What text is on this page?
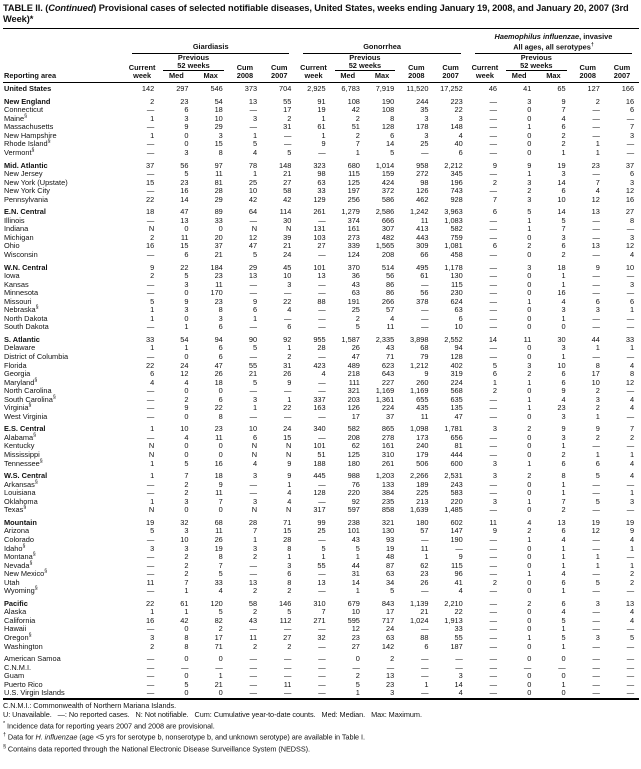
TABLE II. (Continued) Provisional cases of selected notifiable diseases, United States, weeks ending January 19, 2008, and January 20, 2007 (3rd Week)*

	Giardiasis					Gonorrhea					Haemophilus influenzae, invasive
All ages, all serotypes†

Reporting area	Current
week	Previous
52 weeks		Cum
2008	Cum
2007	Current
week	Previous
52 weeks		Cum
2008	Cum
2007	Current
week	Previous
52 weeks		Cum
2008	Cum
2007
		Med	Max				Med	Max				Med	Max		
United States	142	297	546	373	704	2,925	6,783	7,919	11,520	17,252	46	41	65	127	166
New England	2	23	54	13	55	91	108	190	244	223	—	3	9	2	16
Connecticut	—	6	18	—	17	19	42	108	35	22	—	0	7	—	6
Maine§	1	3	10	3	2	1	2	8	3	3	—	0	4	—	—
Massachusetts	—	9	29	—	31	61	51	128	178	148	—	1	6	—	7
New Hampshire	1	0	3	1	—	1	2	6	3	4	—	0	2	—	3
Rhode Island§	—	0	15	5	—	9	7	14	25	40	—	0	2	1	—
Vermont§	—	3	8	4	5	—	1	5	—	6	—	0	1	1	—
Mid. Atlantic	37	56	97	78	148	323	680	1,014	958	2,212	9	9	19	23	37
New Jersey	—	5	11	1	21	98	115	159	272	345	—	1	3	—	6
New York (Upstate)	15	23	81	25	27	63	125	424	98	196	2	3	14	7	3
New York City	—	16	28	10	58	33	197	372	126	743	—	2	6	4	12
Pennsylvania	22	14	29	42	42	129	256	586	462	928	7	3	10	12	16
E.N. Central	18	47	89	64	114	261	1,279	2,586	1,242	3,963	6	5	14	13	27
Illinois	—	13	33	—	30	—	374	666	11	1,083	—	1	5	—	8
Indiana	N	0	0	N	N	131	161	307	413	582	—	1	7	—	—
Michigan	2	11	20	12	39	103	273	482	443	759	—	0	3	—	3
Ohio	16	15	37	47	21	27	339	1,565	309	1,081	6	2	6	13	12
Wisconsin	—	6	21	5	24	—	124	208	66	458	—	0	2	—	4
W.N. Central	9	22	184	29	45	101	370	514	495	1,178	—	3	18	9	10
Iowa	2	5	23	13	10	13	36	56	61	130	—	0	1	—	—
Kansas	—	3	11	—	3	—	43	86	—	115	—	0	1	—	3
Minnesota	—	0	170	—	—	—	63	86	56	230	—	0	16	—	—
Missouri	5	9	23	9	22	88	191	266	378	624	—	1	4	6	6
Nebraska§	1	3	8	6	4	—	25	57	—	63	—	0	3	3	1
North Dakota	1	0	3	1	—	—	2	4	—	6	—	0	1	—	—
South Dakota	—	1	6	—	6	—	5	11	—	10	—	0	0	—	—
S. Atlantic	33	54	94	90	92	955	1,587	2,335	3,898	2,552	14	11	30	44	33
Delaware	1	1	6	5	1	28	26	43	68	94	—	0	3	1	1
District of Columbia	—	0	6	—	2	—	47	71	79	128	—	0	1	—	—
Florida	22	24	47	55	31	423	489	623	1,212	402	5	3	10	8	4
Georgia	6	12	26	21	26	4	218	643	9	319	6	2	6	17	8
Maryland§	4	4	18	5	9	—	111	227	260	224	1	1	6	10	12
North Carolina	—	0	0	—	—	—	321	1,169	1,169	568	2	0	9	2	—
South Carolina§	—	2	6	3	1	337	203	1,361	655	635	—	1	4	3	4
Virginia§	—	9	22	1	22	163	126	224	435	135	—	1	23	2	4
West Virginia	—	0	8	—	—	—	17	37	11	47	—	0	3	1	—
E.S. Central	1	10	23	10	24	340	582	865	1,098	1,781	3	2	9	9	7
Alabama§	—	4	11	6	15	—	208	278	173	656	—	0	3	2	2
Kentucky	N	0	0	N	N	101	62	161	240	81	—	0	1	—	—
Mississippi	N	0	0	N	N	51	125	310	179	444	—	0	2	1	1
Tennessee§	1	5	16	4	9	188	180	261	506	600	3	1	6	6	4
W.S. Central	1	7	18	3	9	445	988	1,203	2,266	2,531	3	2	8	5	4
Arkansas§	—	2	9	—	1	—	76	133	189	243	—	0	1	—	—
Louisiana	—	2	11	—	4	128	220	384	225	583	—	0	1	—	1
Oklahoma	1	3	7	3	4	—	92	235	213	220	3	1	7	5	3
Texas§	N	0	0	N	N	317	597	858	1,639	1,485	—	0	2	—	—
Mountain	19	32	68	28	71	99	238	321	180	602	11	4	13	19	19
Arizona	5	3	11	7	15	25	101	130	57	147	9	2	6	12	9
Colorado	—	10	26	1	28	—	43	93	—	190	—	1	4	—	4
Idaho§	3	3	19	3	8	5	5	19	11	—	—	0	1	—	1
Montana§	—	2	8	2	1	1	1	48	1	9	—	0	1	1	—
Nevada§	—	2	7	—	3	55	44	87	62	115	—	0	1	1	1
New Mexico§	—	2	5	—	6	—	31	63	23	96	—	1	4	—	2
Utah	11	7	33	13	8	13	14	34	26	41	2	0	6	5	2
Wyoming§	—	1	4	2	2	—	1	5	—	4	—	0	1	—	—
Pacific	22	61	120	58	146	310	679	843	1,139	2,210	—	2	6	3	13
Alaska	1	1	5	2	5	7	10	17	21	22	—	0	4	—	4
California	16	42	82	43	112	271	595	717	1,024	1,913	—	0	5	—	4
Hawaii	—	0	2	—	—	—	12	24	—	33	—	0	1	—	—
Oregon§	3	8	17	11	27	32	23	63	88	55	—	1	5	3	5
Washington	2	8	71	2	2	—	27	142	6	187	—	0	1	—	—
American Samoa	—	0	0	—	—	—	0	2	—	—	—	0	0	—	—
C.N.M.I.	—	—	—	—	—	—	—	—	—	—	—	—	—	—	—
Guam	—	0	1	—	—	—	2	13	—	3	—	0	0	—	—
Puerto Rico	—	5	21	—	11	—	5	23	1	14	—	0	1	—	—
U.S. Virgin Islands	—	0	0	—	—	—	1	3	—	4	—	0	0	—	—
C.N.M.I.: Commonwealth of Northern Mariana Islands.
U: Unavailable.   —: No reported cases.   N: Not notifiable.   Cum: Cumulative year-to-date counts.   Med: Median.   Max: Maximum.
* Incidence data for reporting years 2007 and 2008 are provisional.
† Data for H. influenzae (age <5 yrs for serotype b, nonserotype b, and unknown serotype) are available in Table I.
§ Contains data reported through the National Electronic Disease Surveillance System (NEDSS).
